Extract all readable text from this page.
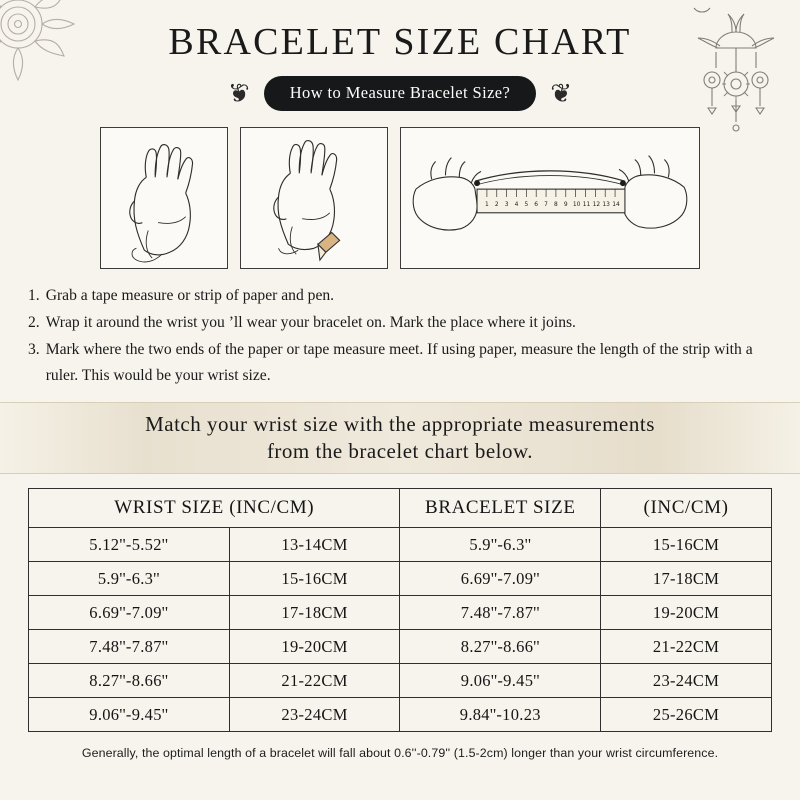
BRACELET SIZE CHART
❦	How to Measure Bracelet Size?	❦
1 2 3 4 5 6 7 8 9 10 11 12 13 14
1. Grab a tape measure or strip of paper and pen.
2. Wrap it around the wrist you ’ll wear your bracelet on. Mark the place where it joins.
3. Mark where the two ends of the paper or tape measure meet. If using paper, measure the length of the strip with a ruler. This would be your wrist size.
Match your wrist size with the appropriate measurements
from the bracelet chart below.
WRIST SIZE (INC/CM)		BRACELET SIZE	(INC/CM)
5.12''-5.52''	13-14CM	5.9''-6.3''	15-16CM
5.9''-6.3''	15-16CM	6.69''-7.09''	17-18CM
6.69''-7.09''	17-18CM	7.48''-7.87''	19-20CM
7.48''-7.87''	19-20CM	8.27''-8.66''	21-22CM
8.27''-8.66''	21-22CM	9.06''-9.45''	23-24CM
9.06''-9.45''	23-24CM	9.84''-10.23	25-26CM
Generally, the optimal length of a bracelet will fall about 0.6''-0.79'' (1.5-2cm) longer than your wrist circumference.
